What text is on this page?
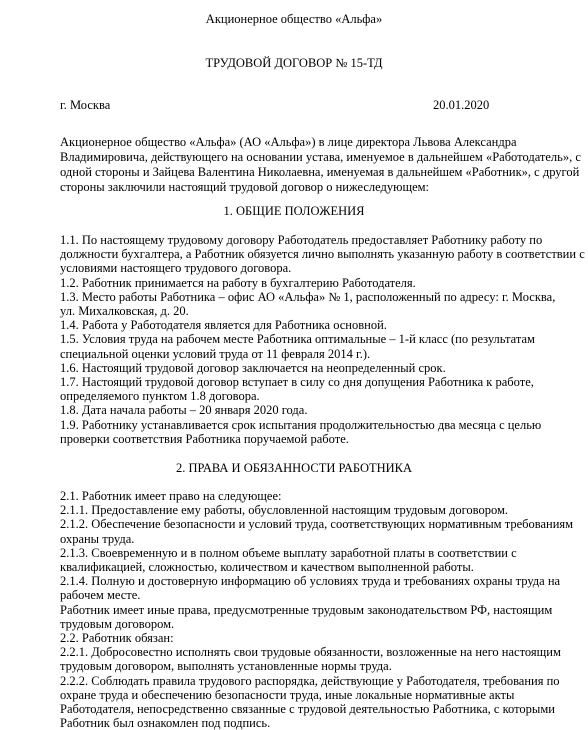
Акционерное общество «Альфа»
ТРУДОВОЙ ДОГОВОР № 15-ТД
г. Москва	20.01.2020
Акционерное общество «Альфа» (АО «Альфа») в лице директора Львова Александра
Владимировича, действующего на основании устава, именуемое в дальнейшем «Работодатель», с
одной стороны и Зайцева Валентина Николаевна, именуемая в дальнейшем «Работник», с другой
стороны заключили настоящий трудовой договор о нижеследующем:
1. ОБЩИЕ ПОЛОЖЕНИЯ
1.1. По настоящему трудовому договору Работодатель предоставляет Работнику работу по
должности бухгалтера, а Работник обязуется лично выполнять указанную работу в соответствии с
условиями настоящего трудового договора.
1.2. Работник принимается на работу в бухгалтерию Работодателя.
1.3. Место работы Работника – офис АО «Альфа» № 1, расположенный по адресу: г. Москва,
ул. Михалковская, д. 20.
1.4. Работа у Работодателя является для Работника основной.
1.5. Условия труда на рабочем месте Работника оптимальные – 1-й класс (по результатам
специальной оценки условий труда от 11 февраля 2014 г.).
1.6. Настоящий трудовой договор заключается на неопределенный срок.
1.7. Настоящий трудовой договор вступает в силу со дня допущения Работника к работе,
определяемого пунктом 1.8 договора.
1.8. Дата начала работы – 20 января 2020 года.
1.9. Работнику устанавливается срок испытания продолжительностью два месяца с целью
проверки соответствия Работника поручаемой работе.
2. ПРАВА И ОБЯЗАННОСТИ РАБОТНИКА
2.1. Работник имеет право на следующее:
2.1.1. Предоставление ему работы, обусловленной настоящим трудовым договором.
2.1.2. Обеспечение безопасности и условий труда, соответствующих нормативным требованиям
охраны труда.
2.1.3. Своевременную и в полном объеме выплату заработной платы в соответствии с
квалификацией, сложностью, количеством и качеством выполненной работы.
2.1.4. Полную и достоверную информацию об условиях труда и требованиях охраны труда на
рабочем месте.
Работник имеет иные права, предусмотренные трудовым законодательством РФ, настоящим
трудовым договором.
2.2. Работник обязан:
2.2.1. Добросовестно исполнять свои трудовые обязанности, возложенные на него настоящим
трудовым договором, выполнять установленные нормы труда.
2.2.2. Соблюдать правила трудового распорядка, действующие у Работодателя, требования по
охране труда и обеспечению безопасности труда, иные локальные нормативные акты
Работодателя, непосредственно связанные с трудовой деятельностью Работника, с которыми
Работник был ознакомлен под подпись.
